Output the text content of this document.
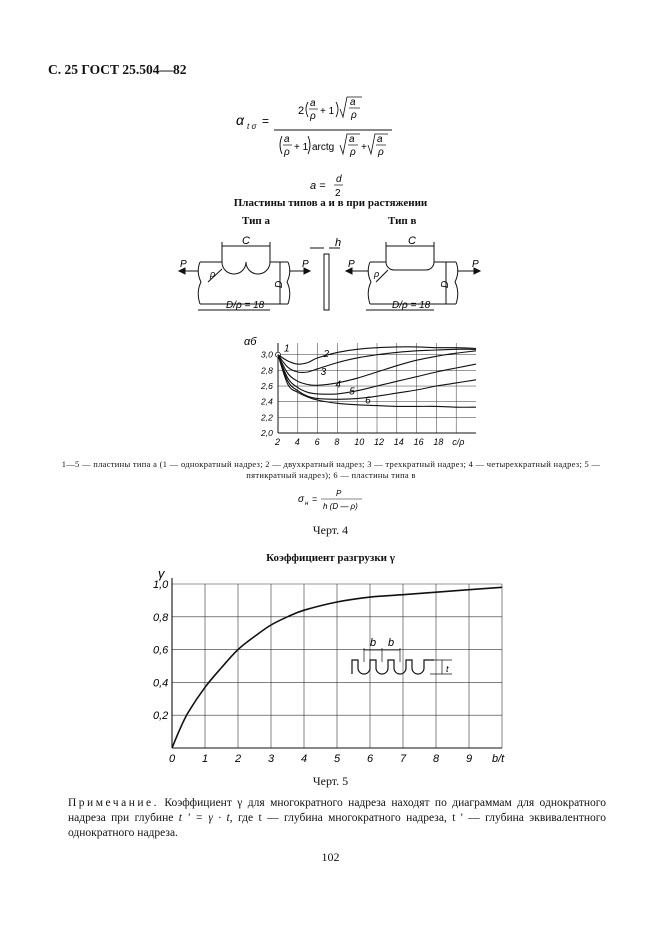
С. 25 ГОСТ 25.504—82
α t σ =
2
a
ρ + 1
a
ρ
a
ρ + 1 arctg
a
ρ +
a
ρ
a =
d
2
Пластины типов а и в при растяжении
Тип а	Тип в
C	C
h
P	P	P	P
ρ	ρ
D	D
D/ρ = 18	D/ρ = 18
αб
2 4 6 8 10 12 14 16 18 c/ρ
2,0
2,2
2,4
2,6
2,8
3,0
1	2
3
4
5
6
1—5 — пластины типа а (1 — однократный надрез; 2 — двухкратный надрез; 3 — трехкратный надрез; 4 — четырехкратный надрез; 5 — пятикратный надрез); 6 — пластины типа в
σ н =
P
h (D — ρ)
Черт. 4
Коэффициент разгрузки γ
γ
0 1 2 3 4 5 6 7 8 9 b/t
0,2
0,4
0,6
0,8
1,0
b b
t
Черт. 5
Примечание. Коэффициент γ для многократного надреза находят по диаграммам для однократного надреза при глубине t ' = γ · t, где t — глубина многократного надреза, t ' — глубина эквивалентного однократного надреза.
102
